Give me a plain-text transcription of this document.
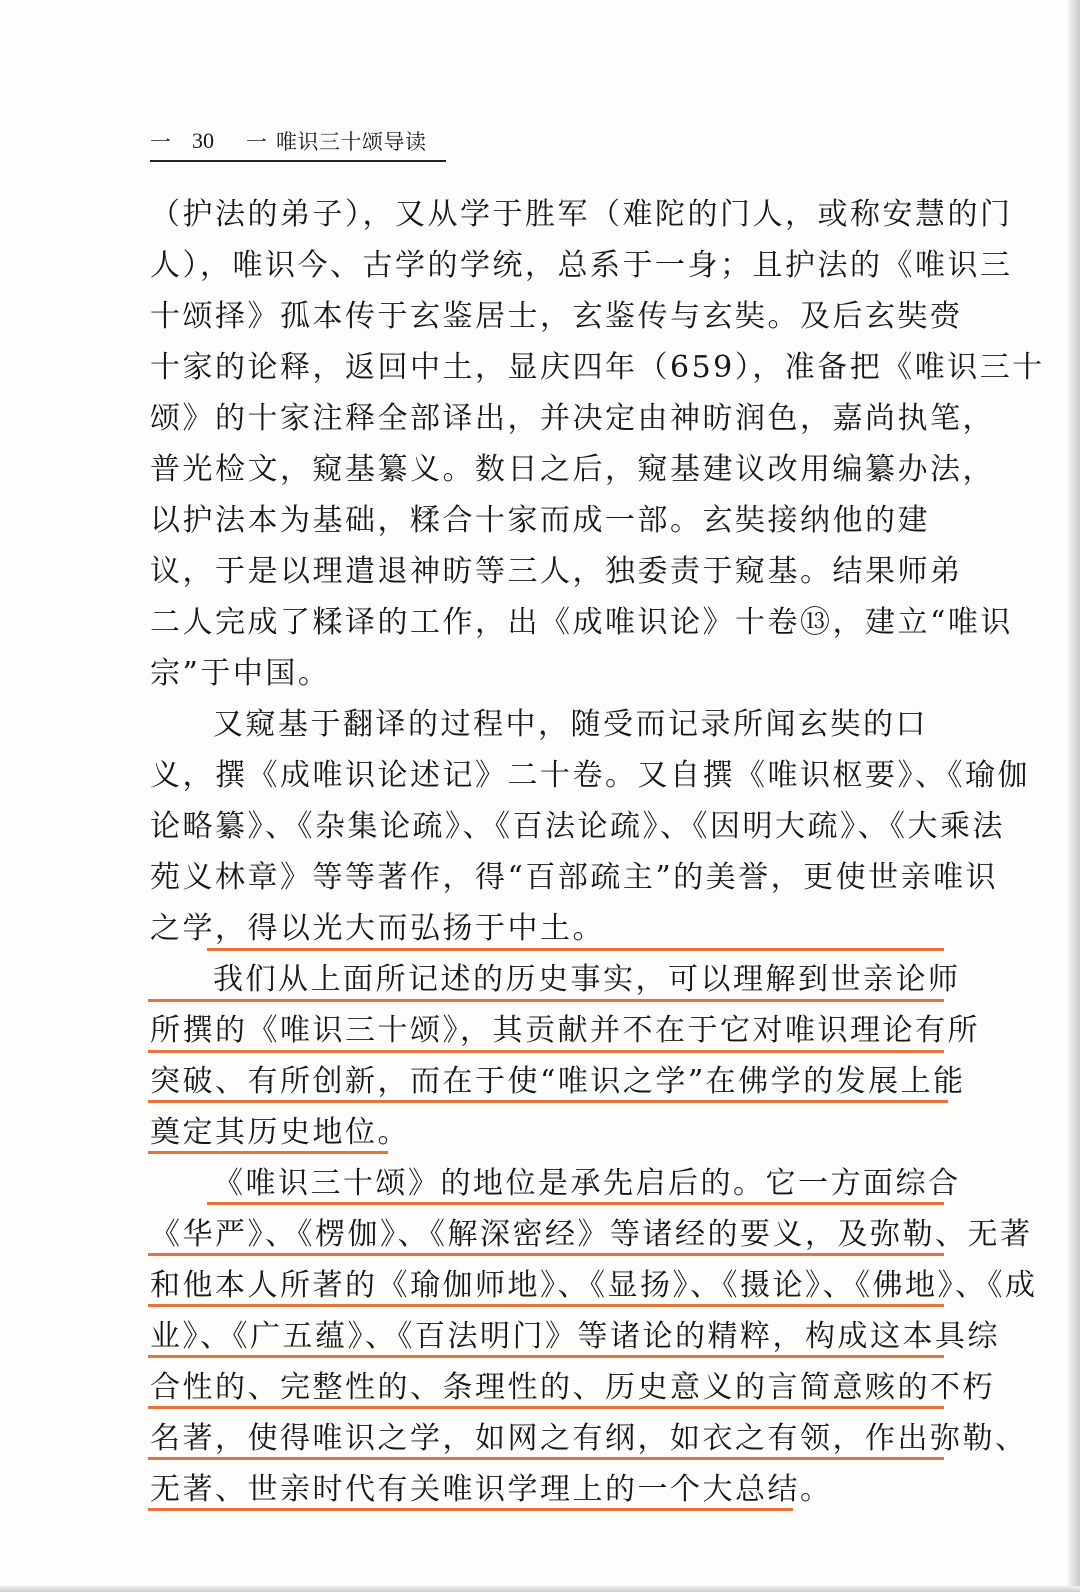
一 30 一 唯识三十颂导读
（护法的弟子），又从学于胜军（难陀的门人，或称安慧的门
人），唯识今、古学的学统，总系于一身；且护法的《唯识三
十颂择》孤本传于玄鉴居士，玄鉴传与玄奘。及后玄奘赍
十家的论释，返回中土，显庆四年（659），准备把《唯识三十
颂》的十家注释全部译出，并决定由神昉润色，嘉尚执笔，
普光检文，窥基纂义。数日之后，窥基建议改用编纂办法，
以护法本为基础，糅合十家而成一部。玄奘接纳他的建
议，于是以理遣退神昉等三人，独委责于窥基。结果师弟
二人完成了糅译的工作，出《成唯识论》十卷⑬，建立“唯识
宗”于中国。
又窥基于翻译的过程中，随受而记录所闻玄奘的口
义，撰《成唯识论述记》二十卷。又自撰《唯识枢要》、《瑜伽
论略纂》、《杂集论疏》、《百法论疏》、《因明大疏》、《大乘法
苑义林章》等等著作，得“百部疏主”的美誉，更使世亲唯识
之学，得以光大而弘扬于中土。
我们从上面所记述的历史事实，可以理解到世亲论师
所撰的《唯识三十颂》，其贡献并不在于它对唯识理论有所
突破、有所创新，而在于使“唯识之学”在佛学的发展上能
奠定其历史地位。
《唯识三十颂》的地位是承先启后的。它一方面综合
《华严》、《楞伽》、《解深密经》等诸经的要义，及弥勒、无著
和他本人所著的《瑜伽师地》、《显扬》、《摄论》、《佛地》、《成
业》、《广五蕴》、《百法明门》等诸论的精粹，构成这本具综
合性的、完整性的、条理性的、历史意义的言简意赅的不朽
名著，使得唯识之学，如网之有纲，如衣之有领，作出弥勒、
无著、世亲时代有关唯识学理上的一个大总结。
